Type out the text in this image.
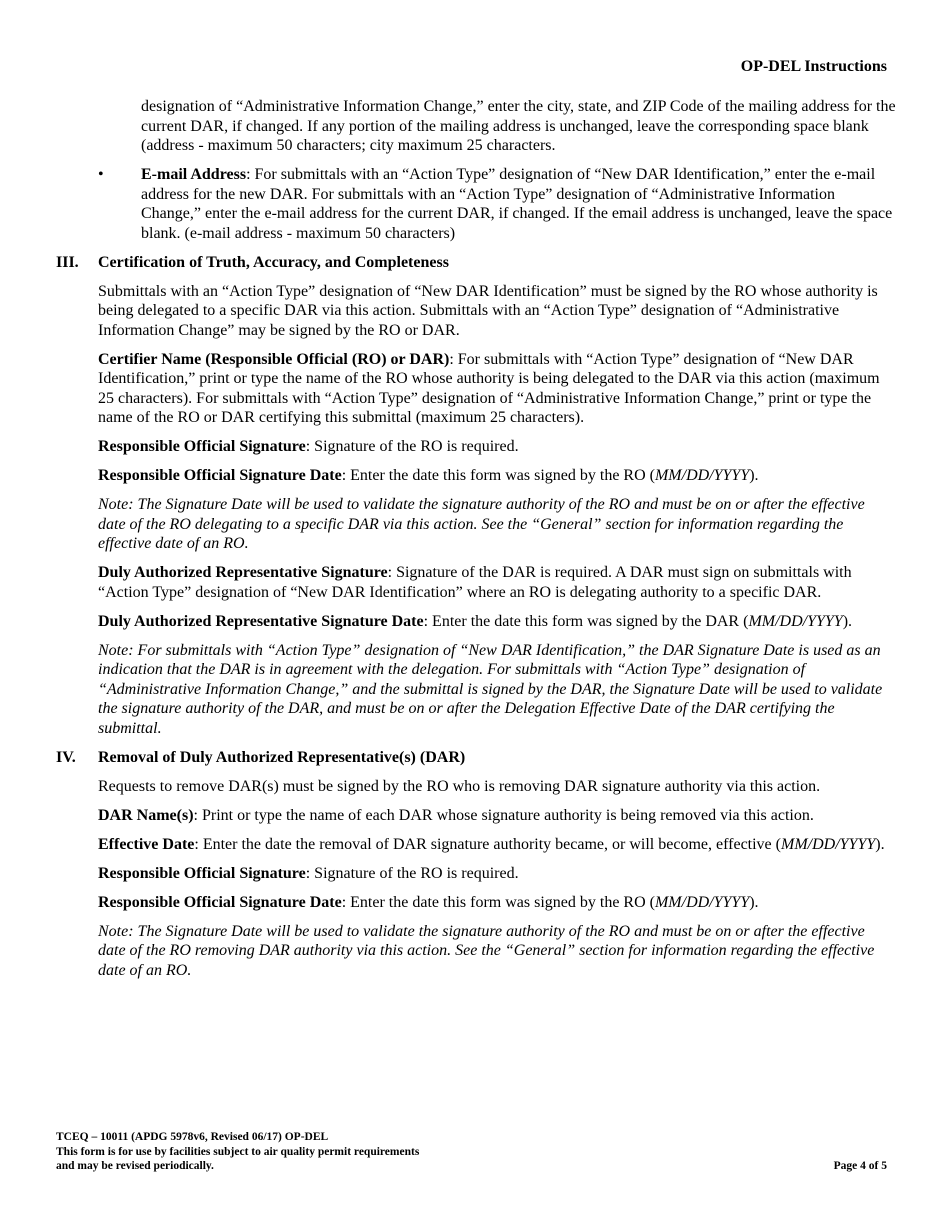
OP-DEL Instructions

designation of “Administrative Information Change,” enter the city, state, and ZIP Code of the mailing address for the current DAR, if changed. If any portion of the mailing address is unchanged, leave the corresponding space blank (address - maximum 50 characters; city maximum 25 characters.

• E-mail Address: For submittals with an “Action Type” designation of “New DAR Identification,” enter the e-mail address for the new DAR. For submittals with an “Action Type” designation of “Administrative Information Change,” enter the e-mail address for the current DAR, if changed. If the email address is unchanged, leave the space blank. (e-mail address - maximum 50 characters)
III. Certification of Truth, Accuracy, and Completeness

Submittals with an “Action Type” designation of “New DAR Identification” must be signed by the RO whose authority is being delegated to a specific DAR via this action. Submittals with an “Action Type” designation of “Administrative Information Change” may be signed by the RO or DAR.

Certifier Name (Responsible Official (RO) or DAR): For submittals with “Action Type” designation of “New DAR Identification,” print or type the name of the RO whose authority is being delegated to the DAR via this action (maximum 25 characters). For submittals with “Action Type” designation of “Administrative Information Change,” print or type the name of the RO or DAR certifying this submittal (maximum 25 characters).

Responsible Official Signature: Signature of the RO is required.

Responsible Official Signature Date: Enter the date this form was signed by the RO (MM/DD/YYYY).

Note: The Signature Date will be used to validate the signature authority of the RO and must be on or after the effective date of the RO delegating to a specific DAR via this action. See the “General” section for information regarding the effective date of an RO.

Duly Authorized Representative Signature: Signature of the DAR is required. A DAR must sign on submittals with “Action Type” designation of “New DAR Identification” where an RO is delegating authority to a specific DAR.

Duly Authorized Representative Signature Date: Enter the date this form was signed by the DAR (MM/DD/YYYY).

Note: For submittals with “Action Type” designation of “New DAR Identification,” the DAR Signature Date is used as an indication that the DAR is in agreement with the delegation. For submittals with “Action Type” designation of “Administrative Information Change,” and the submittal is signed by the DAR, the Signature Date will be used to validate the signature authority of the DAR, and must be on or after the Delegation Effective Date of the DAR certifying the submittal.

IV. Removal of Duly Authorized Representative(s) (DAR)

Requests to remove DAR(s) must be signed by the RO who is removing DAR signature authority via this action.

DAR Name(s): Print or type the name of each DAR whose signature authority is being removed via this action.

Effective Date: Enter the date the removal of DAR signature authority became, or will become, effective (MM/DD/YYYY).

Responsible Official Signature: Signature of the RO is required.

Responsible Official Signature Date: Enter the date this form was signed by the RO (MM/DD/YYYY).

Note: The Signature Date will be used to validate the signature authority of the RO and must be on or after the effective date of the RO removing DAR authority via this action. See the “General” section for information regarding the effective date of an RO.

TCEQ – 10011 (APDG 5978v6, Revised 06/17) OP-DEL
This form is for use by facilities subject to air quality permit requirements
and may be revised periodically.	Page 4 of 5
